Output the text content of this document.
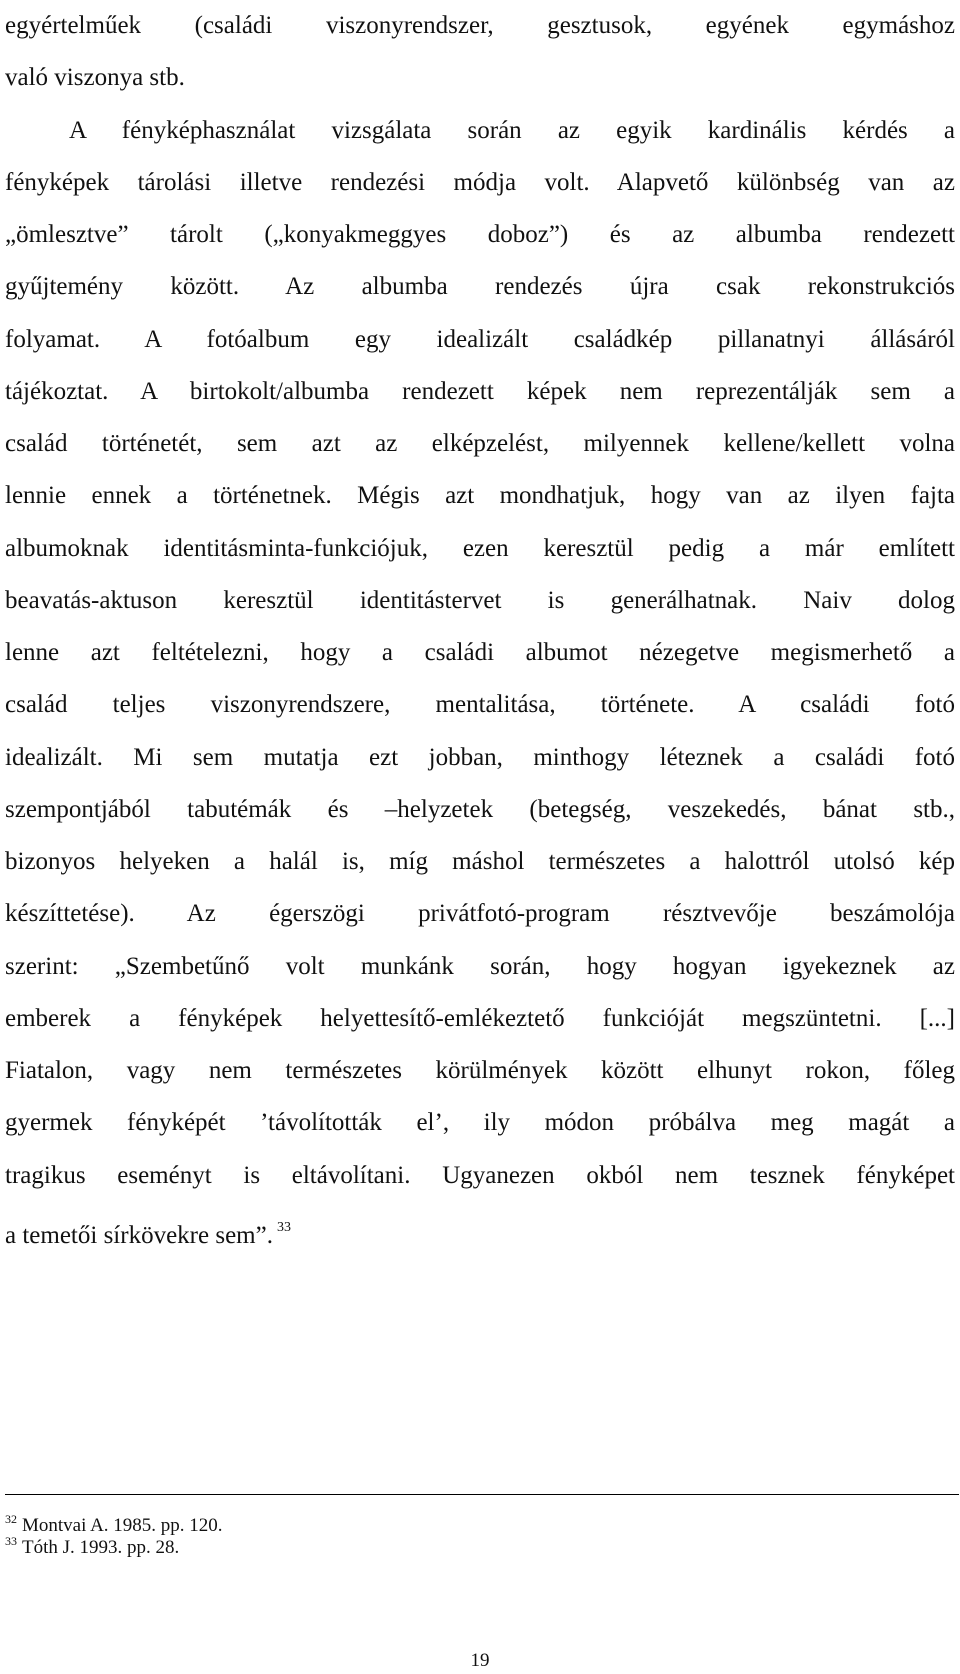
egyértelműek (családi viszonyrendszer, gesztusok, egyének egymáshoz
való viszonya stb.
A fényképhasználat vizsgálata során az egyik kardinális kérdés a
fényképek tárolási illetve rendezési módja volt. Alapvető különbség van az
„ömlesztve” tárolt („konyakmeggyes doboz”) és az albumba rendezett
gyűjtemény között. Az albumba rendezés újra csak rekonstrukciós
folyamat. A fotóalbum egy idealizált családkép pillanatnyi állásáról
tájékoztat. A birtokolt/albumba rendezett képek nem reprezentálják sem a
család történetét, sem azt az elképzelést, milyennek kellene/kellett volna
lennie ennek a történetnek. Mégis azt mondhatjuk, hogy van az ilyen fajta
albumoknak identitásminta-funkciójuk, ezen keresztül pedig a már említett
beavatás-aktuson keresztül identitástervet is generálhatnak. Naiv dolog
lenne azt feltételezni, hogy a családi albumot nézegetve megismerhető a
család teljes viszonyrendszere, mentalitása, története. A családi fotó
idealizált. Mi sem mutatja ezt jobban, minthogy léteznek a családi fotó
szempontjából tabutémák és –helyzetek (betegség, veszekedés, bánat stb.,
bizonyos helyeken a halál is, míg máshol természetes a halottról utolsó kép
készíttetése). Az égerszögi privátfotó-program résztvevője beszámolója
szerint: „Szembetűnő volt munkánk során, hogy hogyan igyekeznek az
emberek a fényképek helyettesítő-emlékeztető funkcióját megszüntetni. [...]
Fiatalon, vagy nem természetes körülmények között elhunyt rokon, főleg
gyermek fényképét ’távolították el’, ily módon próbálva meg magát a
tragikus eseményt is eltávolítani. Ugyanezen okból nem tesznek fényképet
a temetői sírkövekre sem”. $^{33}$
$^{32}$ Montvai A. 1985. pp. 120.
$^{33}$ Tóth J. 1993. pp. 28.
19
